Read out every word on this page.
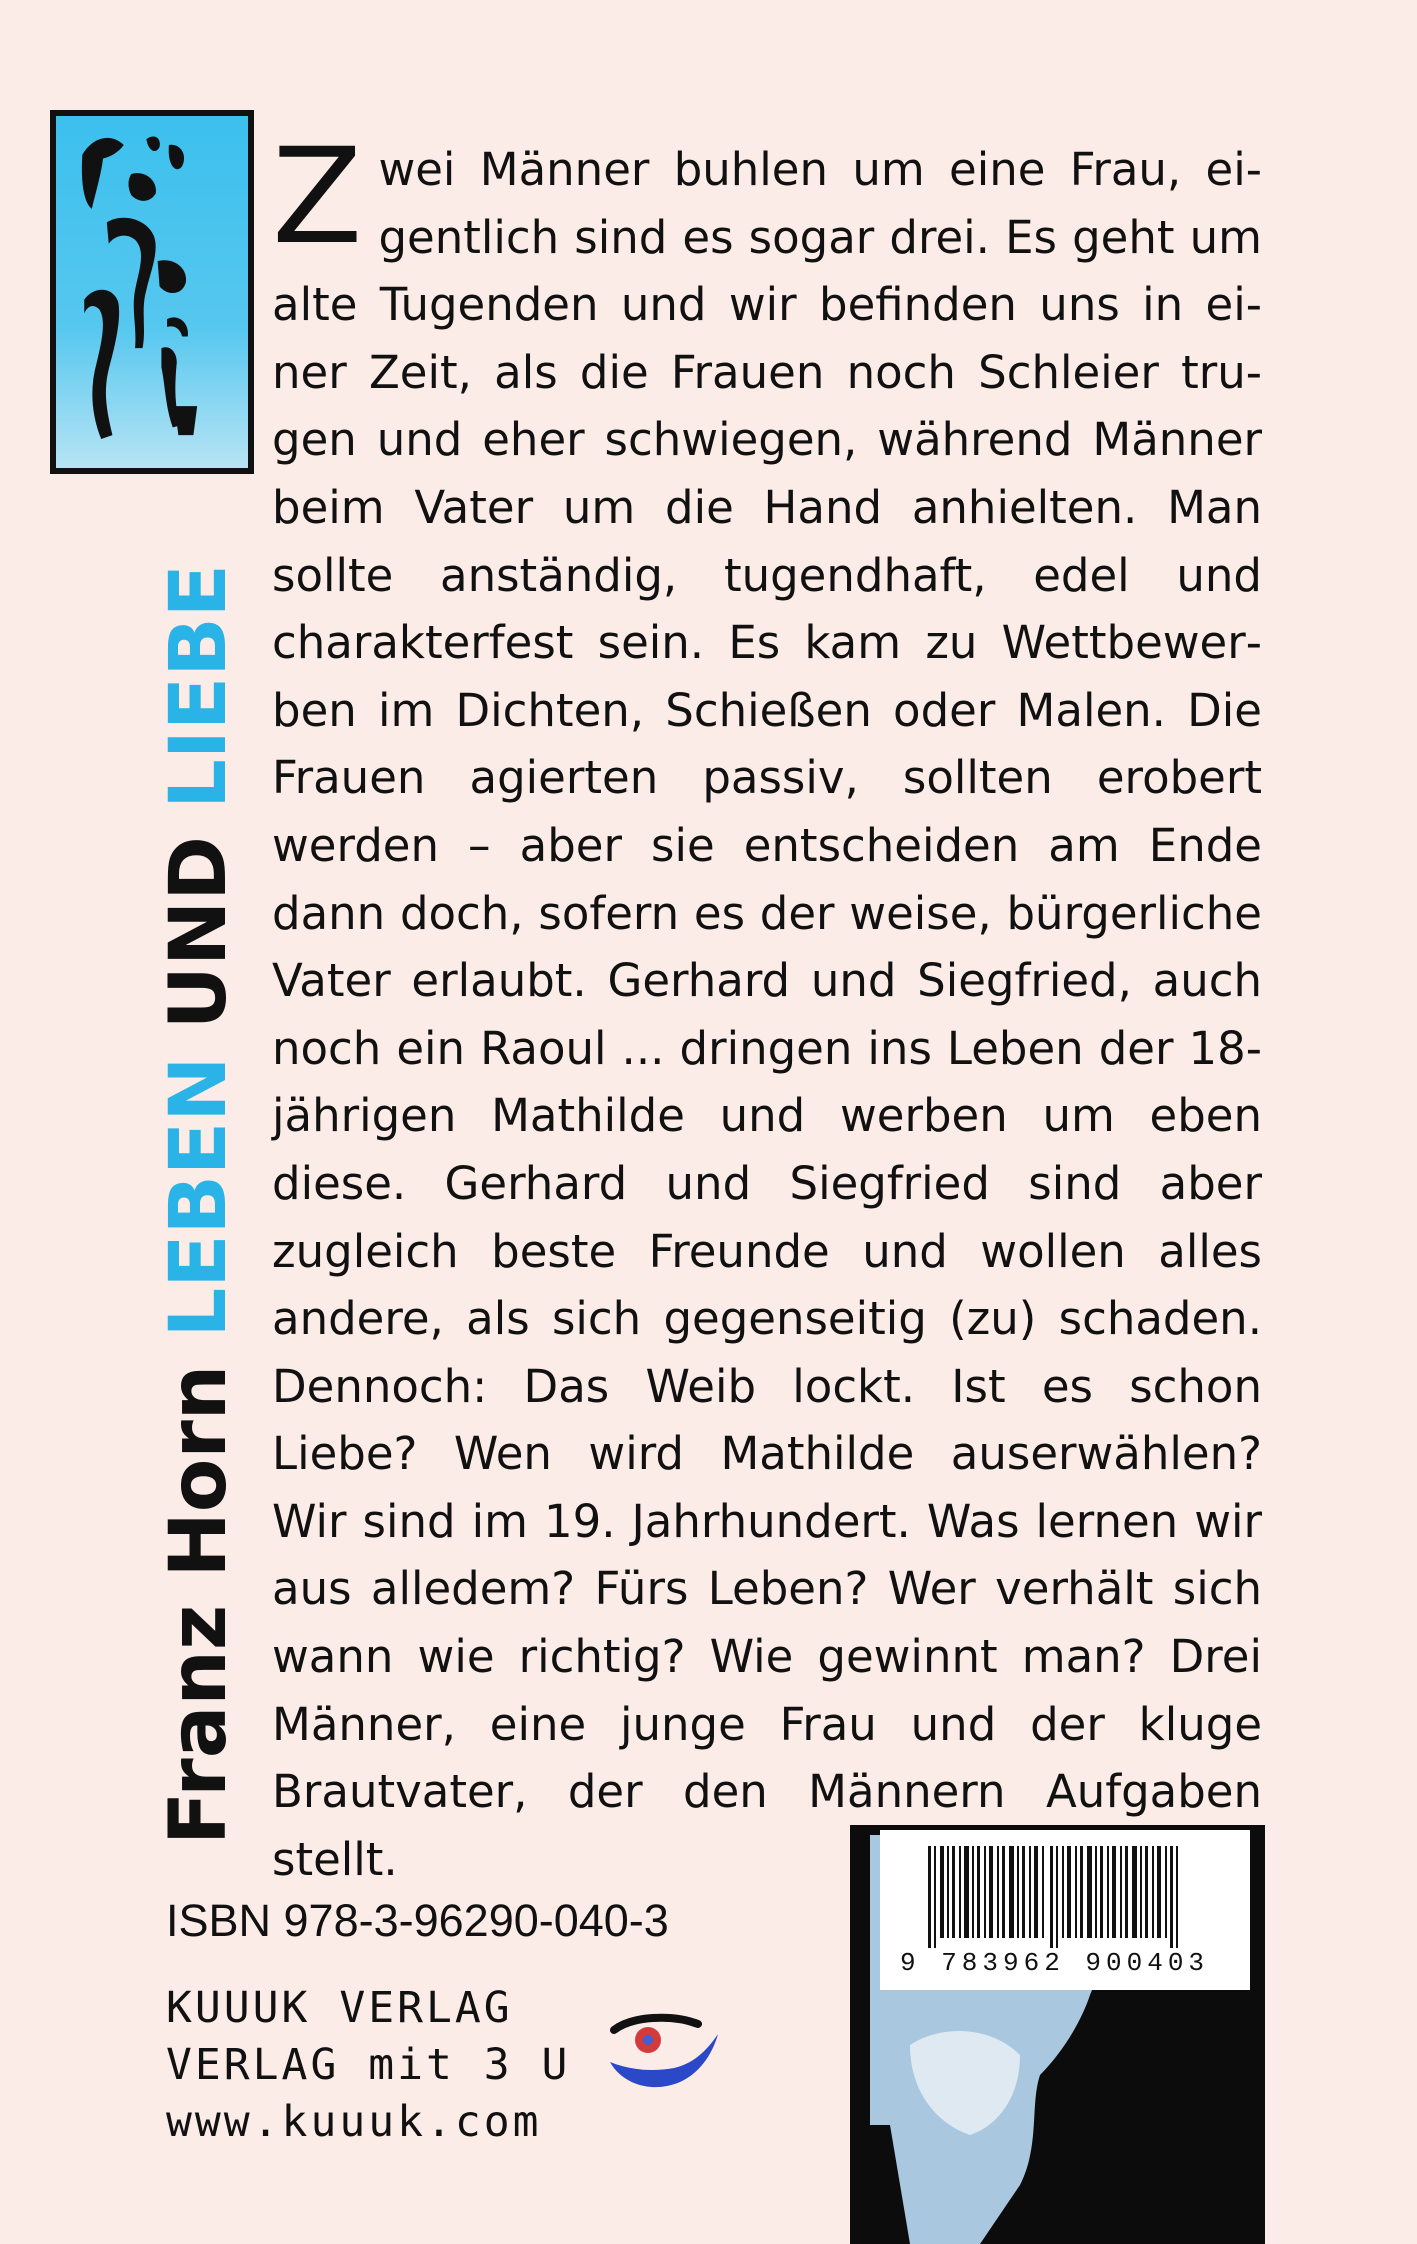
Franz Horn LEBEN UND LIEBE

Zwei Männer buhlen um eine Frau, eigentlich sind es sogar drei. Es geht um alte Tugenden und wir befinden uns in einer Zeit, als die Frauen noch Schleier trugen und eher schwiegen, während Männer beim Vater um die Hand anhielten. Man sollte anständig, tugendhaft, edel und charakterfest sein. Es kam zu Wettbewerben im Dichten, Schießen oder Malen. Die Frauen agierten passiv, sollten erobert werden – aber sie entscheiden am Ende dann doch, sofern es der weise, bürgerliche Vater erlaubt. Gerhard und Siegfried, auch noch ein Raoul ... dringen ins Leben der 18-jährigen Mathilde und werben um eben diese. Gerhard und Siegfried sind aber zugleich beste Freunde und wollen alles andere, als sich gegenseitig (zu) schaden. Dennoch: Das Weib lockt. Ist es schon Liebe? Wen wird Mathilde auserwählen? Wir sind im 19. Jahrhundert. Was lernen wir aus alledem? Fürs Leben? Wer verhält sich wann wie richtig? Wie gewinnt man? Drei Männer, eine junge Frau und der kluge Brautvater, der den Männern Aufgaben stellt.

ISBN 978-3-96290-040-3
KUUUK VERLAG
VERLAG mit 3 U
www.kuuuk.com
9 783962 900403
